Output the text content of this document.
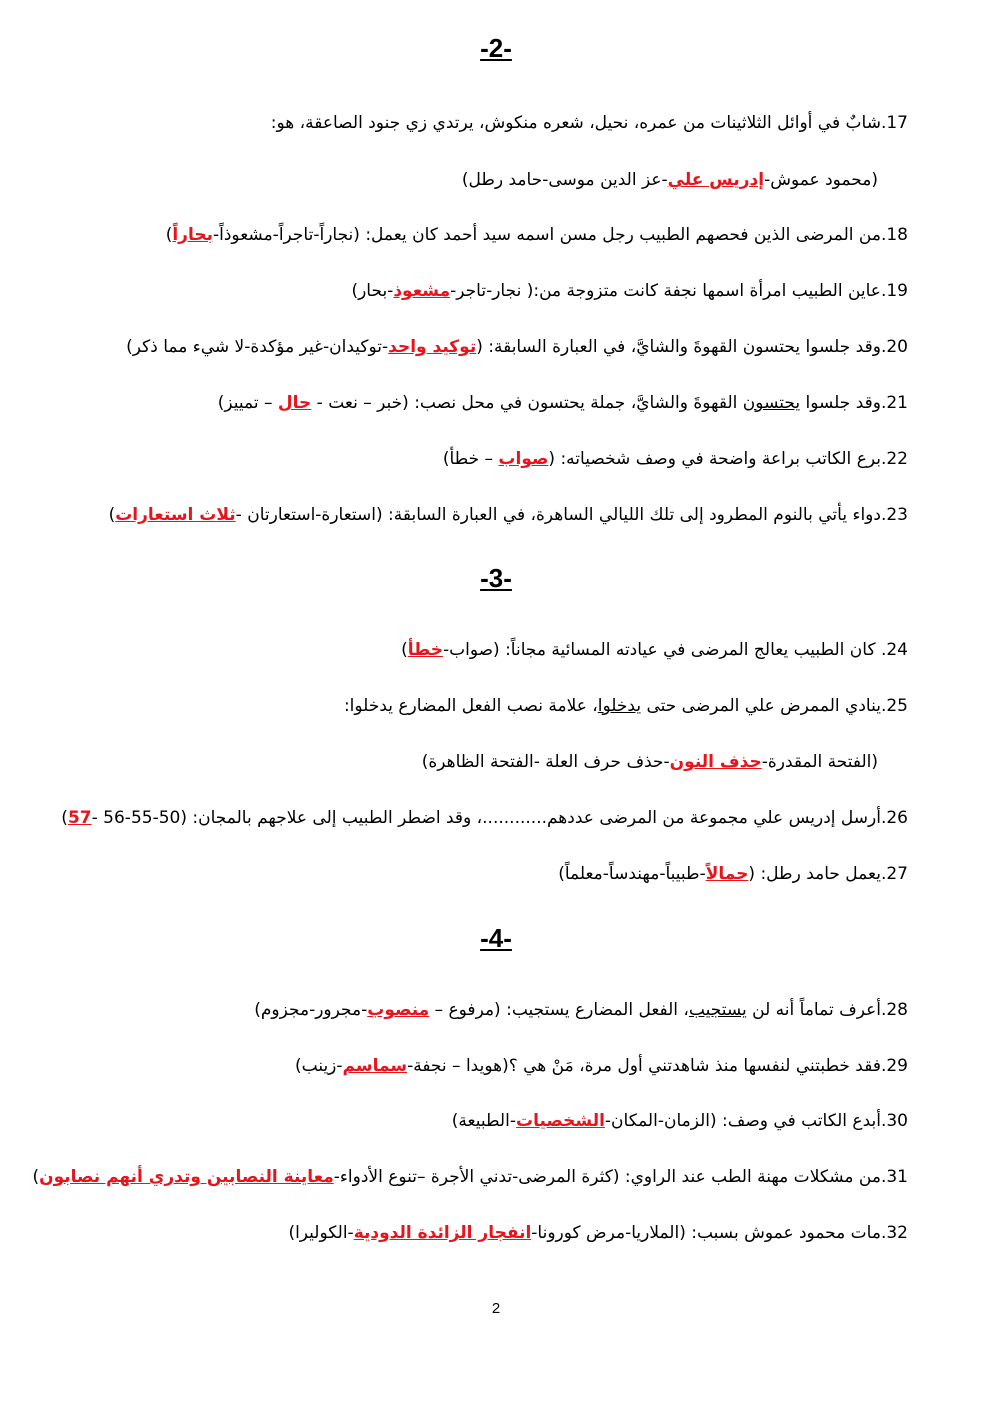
-2-
17.شابٌ في أوائل الثلاثينات من عمره، نحيل، شعره منكوش، يرتدي زي جنود الصاعقة، هو:
(محمود عموش-إدريس علي-عز الدين موسى-حامد رطل)
18.من المرضى الذين فحصهم الطبيب رجل مسن اسمه سيد أحمد كان يعمل: (نجاراً-تاجراً-مشعوذاً-بحاراً)
19.عاين الطبيب امرأة اسمها نجفة كانت متزوجة من:( نجار-تاجر-مشعوذ-بحار)
20.وقد جلسوا يحتسون القهوةَ والشايَّ، في العبارة السابقة: (توكيد واحد-توكيدان-غير مؤكدة-لا شيء مما ذكر)
21.وقد جلسوا يحتسون القهوةَ والشايَّ، جملة يحتسون في محل نصب: (خبر – نعت - حال – تمييز)
22.برع الكاتب براعة واضحة في وصف شخصياته: (صواب – خطأ)
23.دواء يأتي بالنوم المطرود إلى تلك الليالي الساهرة، في العبارة السابقة: (استعارة-استعارتان -ثلاث استعارات)
-3-
24. كان الطبيب يعالج المرضى في عيادته المسائية مجاناً: (صواب-خطأ)
25.ينادي الممرض علي المرضى حتى يدخلوا، علامة نصب الفعل المضارع يدخلوا:
(الفتحة المقدرة-حذف النون-حذف حرف العلة -الفتحة الظاهرة)
26.أرسل إدريس علي مجموعة من المرضى عددهم............، وقد اضطر الطبيب إلى علاجهم بالمجان: (50-55-56 -57)
27.يعمل حامد رطل: (حمالاً-طبيباً-مهندساً-معلماً)
-4-
28.أعرف تماماً أنه لن يستجيب، الفعل المضارع يستجيب: (مرفوع – منصوب-مجرور-مجزوم)
29.فقد خطبتني لنفسها منذ شاهدتني أول مرة، مَنْ هي ؟(هويدا – نجفة-سماسم-زينب)
30.أبدع الكاتب في وصف: (الزمان-المكان-الشخصيات-الطبيعة)
31.من مشكلات مهنة الطب عند الراوي: (كثرة المرضى-تدني الأجرة –تنوع الأدواء-معاينة النصابين وتدري أنهم نصابون)
32.مات محمود عموش بسبب: (الملاريا-مرض كورونا-انفجار الزائدة الدودية-الكوليرا)
2
